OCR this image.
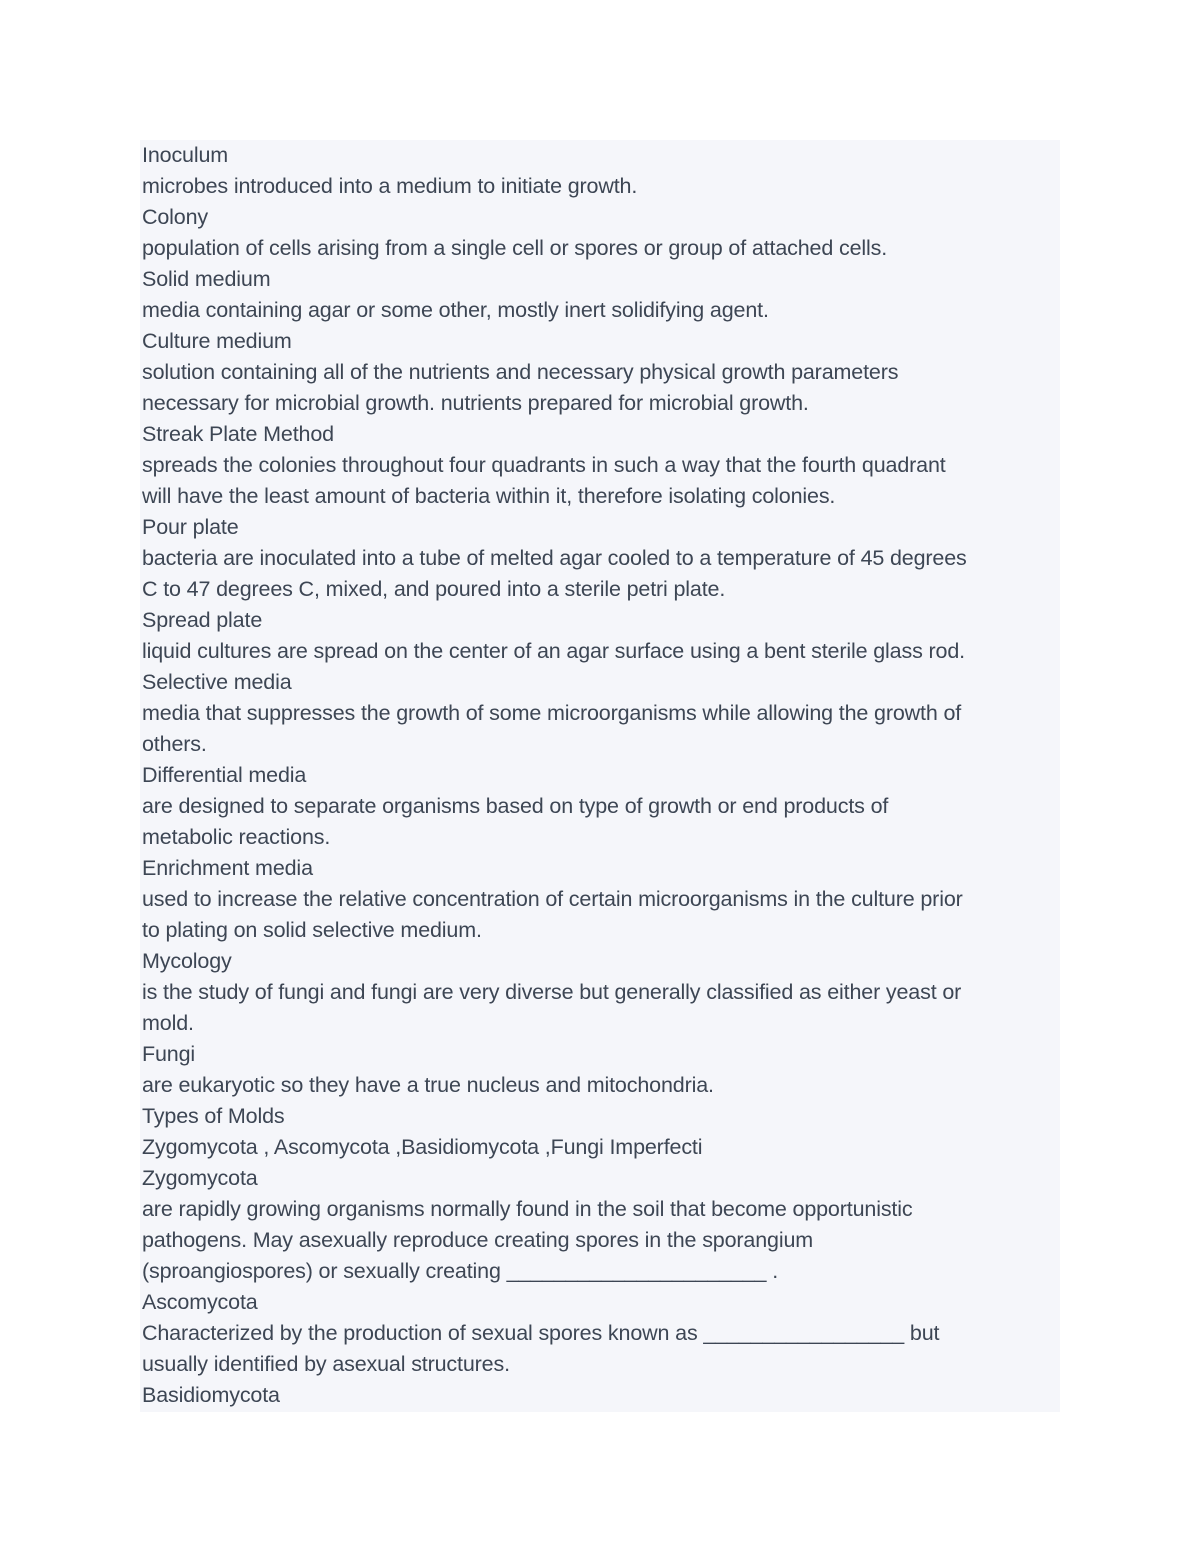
Inoculum
microbes introduced into a medium to initiate growth.
Colony
population of cells arising from a single cell or spores or group of attached cells.
Solid medium
media containing agar or some other, mostly inert solidifying agent.
Culture medium
solution containing all of the nutrients and necessary physical growth parameters
necessary for microbial growth. nutrients prepared for microbial growth.
Streak Plate Method
spreads the colonies throughout four quadrants in such a way that the fourth quadrant
will have the least amount of bacteria within it, therefore isolating colonies.
Pour plate
bacteria are inoculated into a tube of melted agar cooled to a temperature of 45 degrees
C to 47 degrees C, mixed, and poured into a sterile petri plate.
Spread plate
liquid cultures are spread on the center of an agar surface using a bent sterile glass rod.
Selective media
media that suppresses the growth of some microorganisms while allowing the growth of
others.
Differential media
are designed to separate organisms based on type of growth or end products of
metabolic reactions.
Enrichment media
used to increase the relative concentration of certain microorganisms in the culture prior
to plating on solid selective medium.
Mycology
is the study of fungi and fungi are very diverse but generally classified as either yeast or
mold.
Fungi
are eukaryotic so they have a true nucleus and mitochondria.
Types of Molds
Zygomycota , Ascomycota ,Basidiomycota ,Fungi Imperfecti
Zygomycota
are rapidly growing organisms normally found in the soil that become opportunistic
pathogens. May asexually reproduce creating spores in the sporangium
(sproangiospores) or sexually creating ______________________ .
Ascomycota
Characterized by the production of sexual spores known as _________________ but
usually identified by asexual structures.
Basidiomycota
